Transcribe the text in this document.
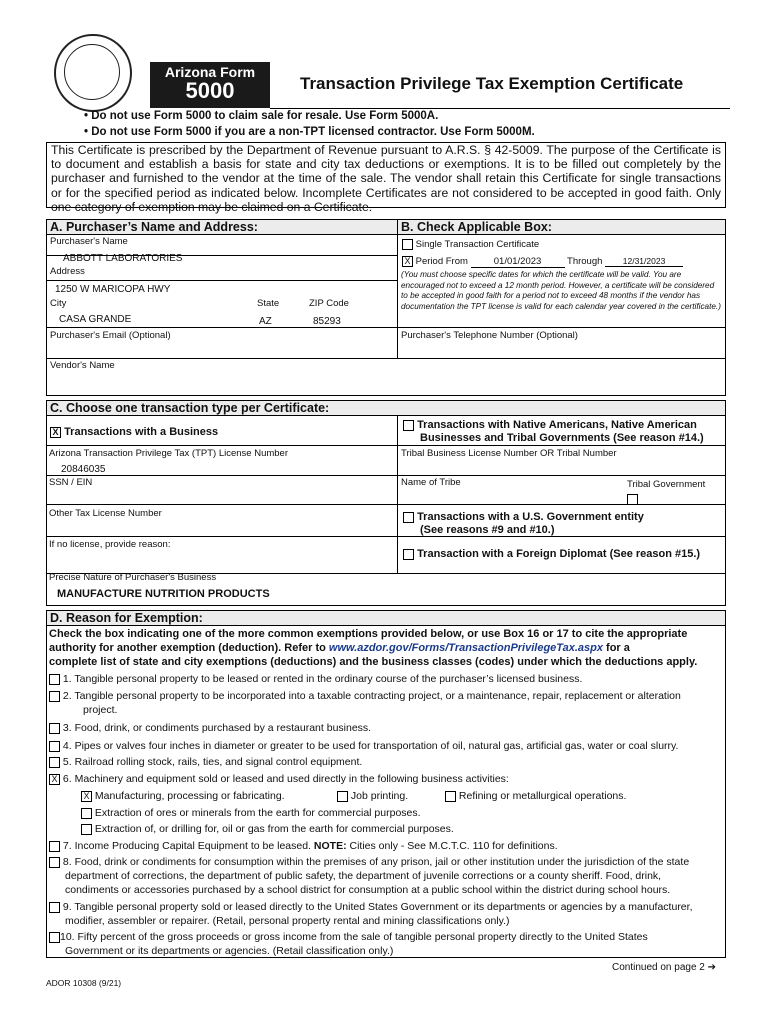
Arizona Form
5000	Transaction Privilege Tax Exemption Certificate
• Do not use Form 5000 to claim sale for resale. Use Form 5000A.
• Do not use Form 5000 if you are a non-TPT licensed contractor. Use Form 5000M.
This Certificate is prescribed by the Department of Revenue pursuant to A.R.S. § 42-5009. The purpose of the Certificate is to document and establish a basis for state and city tax deductions or exemptions. It is to be filled out completely by the purchaser and furnished to the vendor at the time of the sale. The vendor shall retain this Certificate for single transactions or for the specified period as indicated below. Incomplete Certificates are not considered to be accepted in good faith. Only one category of exemption may be claimed on a Certificate.
A. Purchaser’s Name and Address:	B. Check Applicable Box:
Purchaser's Name
ABBOTT LABORATORIES
Address
1250 W MARICOPA HWY
City	State	ZIP Code
CASA GRANDE	AZ	85293
Purchaser's Email (Optional)
Vendor's Name
Single Transaction Certificate
X Period From	01/01/2023	Through 12/31/2023
(You must choose specific dates for which the certificate will be valid. You are encouraged not to exceed a 12 month period. However, a certificate will be considered to be accepted in good faith for a period not to exceed 48 months if the vendor has documentation the TPT license is valid for each calendar year covered in the certificate.)
Purchaser's Telephone Number (Optional)
C. Choose one transaction type per Certificate:
X Transactions with a Business
Arizona Transaction Privilege Tax (TPT) License Number
20846035
SSN / EIN
Other Tax License Number
If no license, provide reason:
Precise Nature of Purchaser's Business
MANUFACTURE NUTRITION PRODUCTS
Transactions with Native Americans, Native American
Businesses and Tribal Governments (See reason #14.)
Tribal Business License Number OR Tribal Number
Name of Tribe	Tribal Government
Transactions with a U.S. Government entity
(See reasons #9 and #10.)
Transaction with a Foreign Diplomat (See reason #15.)
D. Reason for Exemption:
Check the box indicating one of the more common exemptions provided below, or use Box 16 or 17 to cite the appropriate
authority for another exemption (deduction). Refer to www.azdor.gov/Forms/TransactionPrivilegeTax.aspx for a
complete list of state and city exemptions (deductions) and the business classes (codes) under which the deductions apply.
1. Tangible personal property to be leased or rented in the ordinary course of the purchaser’s licensed business.
2. Tangible personal property to be incorporated into a taxable contracting project, or a maintenance, repair, replacement or alteration
project.
3. Food, drink, or condiments purchased by a restaurant business.
4. Pipes or valves four inches in diameter or greater to be used for transportation of oil, natural gas, artificial gas, water or coal slurry.
5. Railroad rolling stock, rails, ties, and signal control equipment.
X 6. Machinery and equipment sold or leased and used directly in the following business activities:
X Manufacturing, processing or fabricating.	Job printing.	Refining or metallurgical operations.
Extraction of ores or minerals from the earth for commercial purposes.
Extraction of, or drilling for, oil or gas from the earth for commercial purposes.
7. Income Producing Capital Equipment to be leased. NOTE: Cities only - See M.C.T.C. 110 for definitions.
8. Food, drink or condiments for consumption within the premises of any prison, jail or other institution under the jurisdiction of the state
department of corrections, the department of public safety, the department of juvenile corrections or a county sheriff. Food, drink,
condiments or accessories purchased by a school district for consumption at a public school within the district during school hours.
9. Tangible personal property sold or leased directly to the United States Government or its departments or agencies by a manufacturer,
modifier, assembler or repairer. (Retail, personal property rental and mining classifications only.)
10. Fifty percent of the gross proceeds or gross income from the sale of tangible personal property directly to the United States
Government or its departments or agencies. (Retail classification only.)
Continued on page 2 ➔
ADOR 10308 (9/21)
